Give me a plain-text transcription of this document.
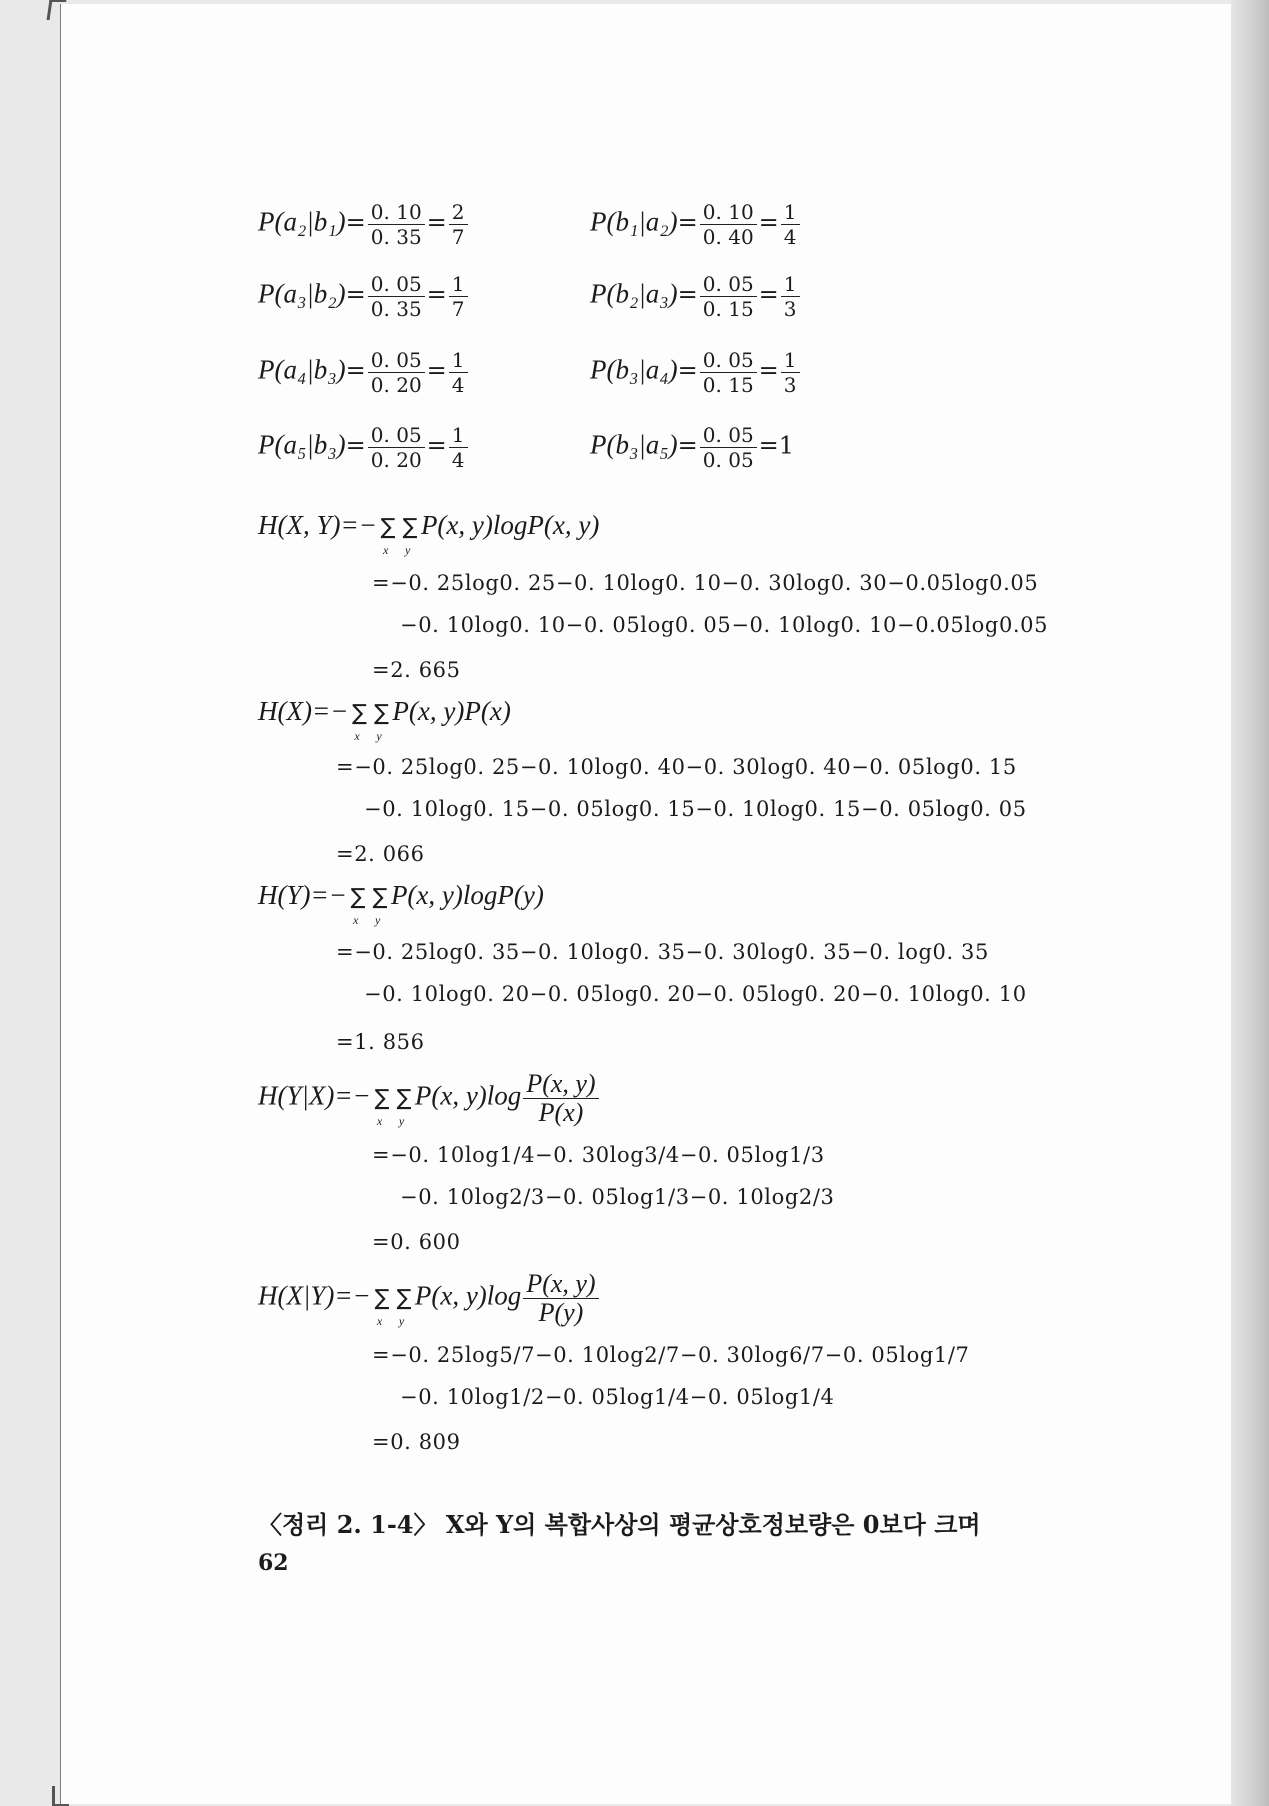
$P(a_2|b_1)= \frac{0. 10}{0. 35} = \frac{2}{7}$	$P(b_1|a_2)= \frac{0. 10}{0. 40} = \frac{1}{4}$
$P(a_3|b_2)= \frac{0. 05}{0. 35} = \frac{1}{7}$	$P(b_2|a_3)= \frac{0. 05}{0. 15} = \frac{1}{3}$
$P(a_4|b_3)= \frac{0. 05}{0. 20} = \frac{1}{4}$	$P(b_3|a_4)= \frac{0. 05}{0. 15} = \frac{1}{3}$
$P(a_5|b_3)= \frac{0. 05}{0. 20} = \frac{1}{4}$	$P(b_3|a_5)= \frac{0. 05}{0. 05} =1$
H(X, Y)=− ∑
x
∑
y
P(x, y)logP(x, y)
=−0. 25log0. 25−0. 10log0. 10−0. 30log0. 30−0.05log0.05
−0. 10log0. 10−0. 05log0. 05−0. 10log0. 10−0.05log0.05
=2. 665
H(X)=− ∑
x
∑
y
P(x, y)P(x)
=−0. 25log0. 25−0. 10log0. 40−0. 30log0. 40−0. 05log0. 15
−0. 10log0. 15−0. 05log0. 15−0. 10log0. 15−0. 05log0. 05
=2. 066
H(Y)=− ∑
x
∑
y
P(x, y)logP(y)
=−0. 25log0. 35−0. 10log0. 35−0. 30log0. 35−0. log0. 35
−0. 10log0. 20−0. 05log0. 20−0. 05log0. 20−0. 10log0. 10
=1. 856
H(Y|X)=− ∑
x
∑
y
P(x, $y)\log \frac{P(x, y)}{P(x)}$
=−0. 10log1/4−0. 30log3/4−0. 05log1/3
−0. 10log2/3−0. 05log1/3−0. 10log2/3
=0. 600
H(X|Y)=− ∑
x
∑
y
P(x, $y)\log \frac{P(x, y)}{P(y)}$
=−0. 25log5/7−0. 10log2/7−0. 30log6/7−0. 05log1/7
−0. 10log1/2−0. 05log1/4−0. 05log1/4
=0. 809
〈정리 2. 1-4〉 X와 Y의 복합사상의 평균상호정보량은 0보다 크며
62
